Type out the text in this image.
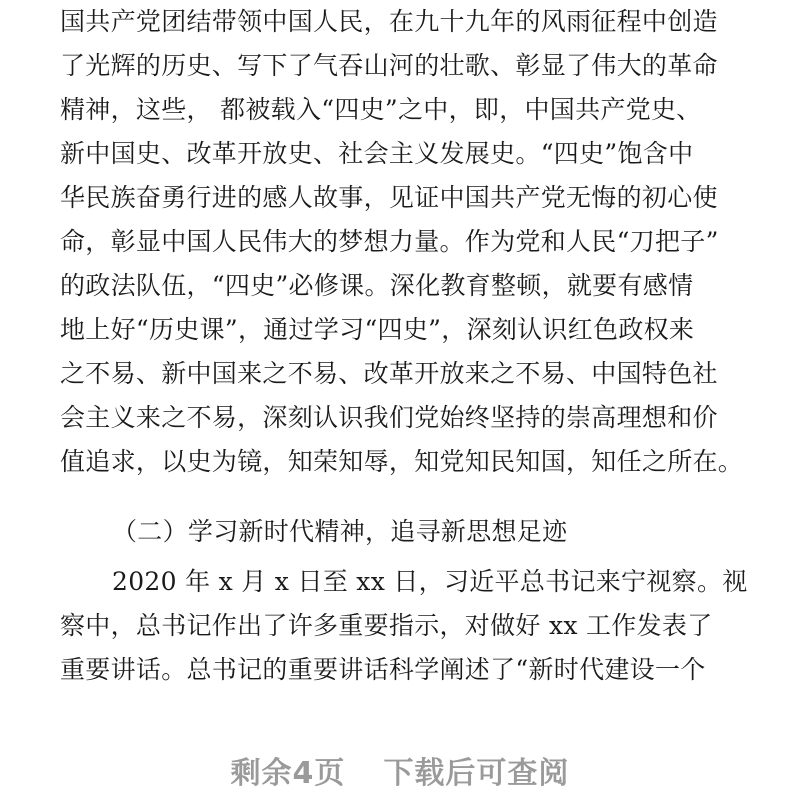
国共产党团结带领中国人民，在九十九年的风雨征程中创造
了光辉的历史、写下了气吞山河的壮歌、彰显了伟大的革命
精神，这些， 都被载入“四史”之中，即，中国共产党史、
新中国史、改革开放史、社会主义发展史。“四史”饱含中
华民族奋勇行进的感人故事，见证中国共产党无悔的初心使
命，彰显中国人民伟大的梦想力量。作为党和人民“刀把子”
的政法队伍，“四史”必修课。深化教育整顿，就要有感情
地上好“历史课”，通过学习“四史”，深刻认识红色政权来
之不易、新中国来之不易、改革开放来之不易、中国特色社
会主义来之不易，深刻认识我们党始终坚持的崇高理想和价
值追求，以史为镜，知荣知辱，知党知民知国，知任之所在。
（二）学习新时代精神，追寻新思想足迹
2020 年 x 月 x 日至 xx 日，习近平总书记来宁视察。视
察中，总书记作出了许多重要指示，对做好 xx 工作发表了
重要讲话。总书记的重要讲话科学阐述了“新时代建设一个
剩余4页 下载后可查阅
